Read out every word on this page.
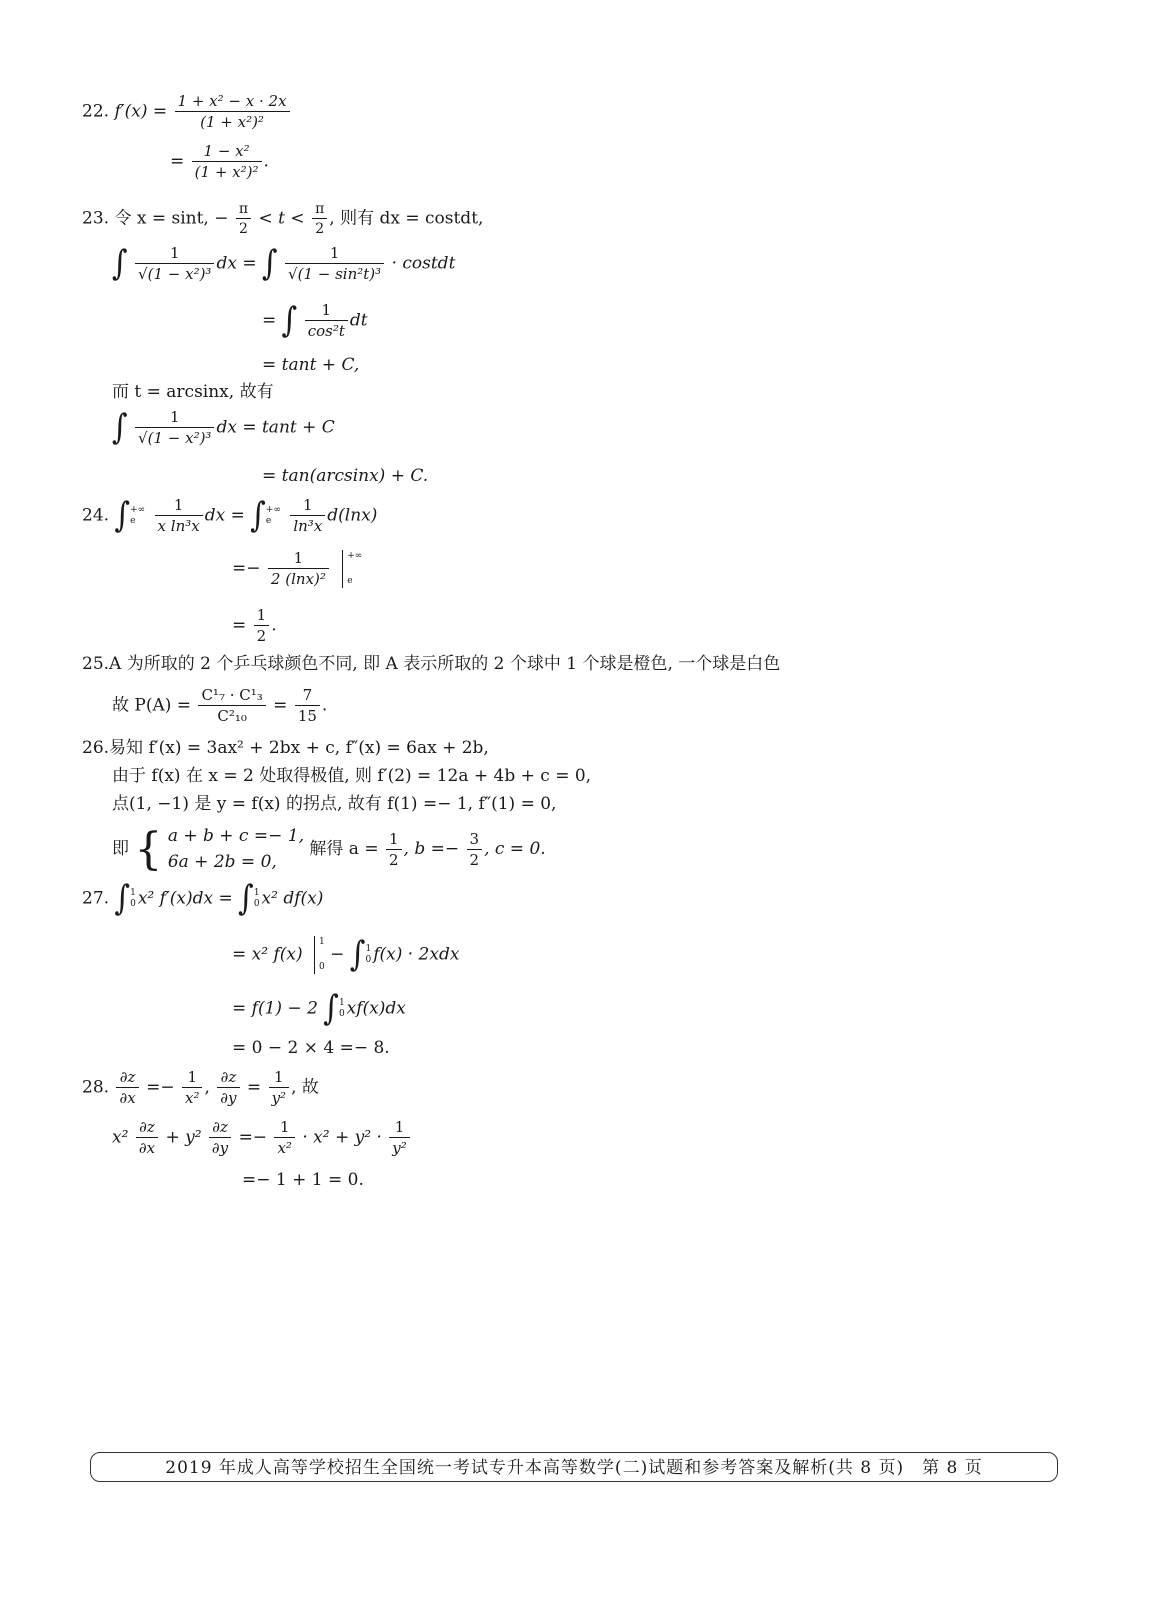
22. $f'(x) = \frac{\text{1 + x² − x · 2x}}{\text{(1 + x²)²}}$
= $\frac{\text{1 − x²}}{\text{(1 + x²)²}}$ .
23. 令 x = sint, − $\frac{\pi}{2} < t < \frac{\pi}{2}$ , 则有 dx = costdt,
∫ $\frac{1}{\text{√(1 − x²)³}}$ dx = ∫ $\frac{1}{\text{√(1 − sin²t)³}}$ · costdt
= ∫ $\frac{1}{\text{cos²t}}$ dt
= tant + C,
而 t = arcsinx, 故有
∫ $\frac{1}{\text{√(1 − x²)³}}$ dx = tant + C
= tan(arcsinx) + C.
24. ∫ +∞
e
	$\frac{1}{\text{x ln³x}}$ dx = ∫ +∞
e
	$\frac{1}{\text{ln³x}} d(\ln x)$
=− $\frac{1}{\text{2 (lnx)²}}$
+∞
e
= $\frac{1}{2}$ .
25.A 为所取的 2 个乒乓球颜色不同, 即 A 表示所取的 2 个球中 1 个球是橙色, 一个球是白色
故 $P(A) = \frac{\text{C¹₇ · C¹₃}}{\text{C²₁₀}} = \frac{7}{15}$ .
26.易知 f′(x) = 3ax² + 2bx + c, f″(x) = 6ax + 2b,
由于 f(x) 在 x = 2 处取得极值, 则 f′(2) = 12a + 4b + c = 0,
点(1, −1) 是 y = f(x) 的拐点, 故有 f(1) =− 1, f″(1) = 0,
即 { a + b + c =− 1,
6a + 2b = 0,
解得 $a = \frac{1}{2}$ , $b =- \frac{3}{2}$ , c = 0.
27. ∫ 1
0 x² f′(x)dx = ∫ 1
0 x² df(x)
= x² f(x)
1
0
− ∫ 1
0 f(x) · 2xdx
= f(1) − 2 ∫ 1
0 xf(x)dx
= 0 − 2 × 4 =− 8.
28. $\frac{\partial z}{\partial x} =- \frac{1}{\text{x²}}$ , $\frac{\partial z}{\partial y} = \frac{1}{\text{y²}}$ , 故
$x^2 \frac{\partial z}{\partial x} + y^2 \frac{\partial z}{\partial y} =- \frac{1}{\text{x²}} \cdot x^2 + y^2 \cdot \frac{1}{\text{y²}}$
=− 1 + 1 = 0.
2019 年成人高等学校招生全国统一考试专升本高等数学(二)试题和参考答案及解析(共 8 页)　第 8 页
